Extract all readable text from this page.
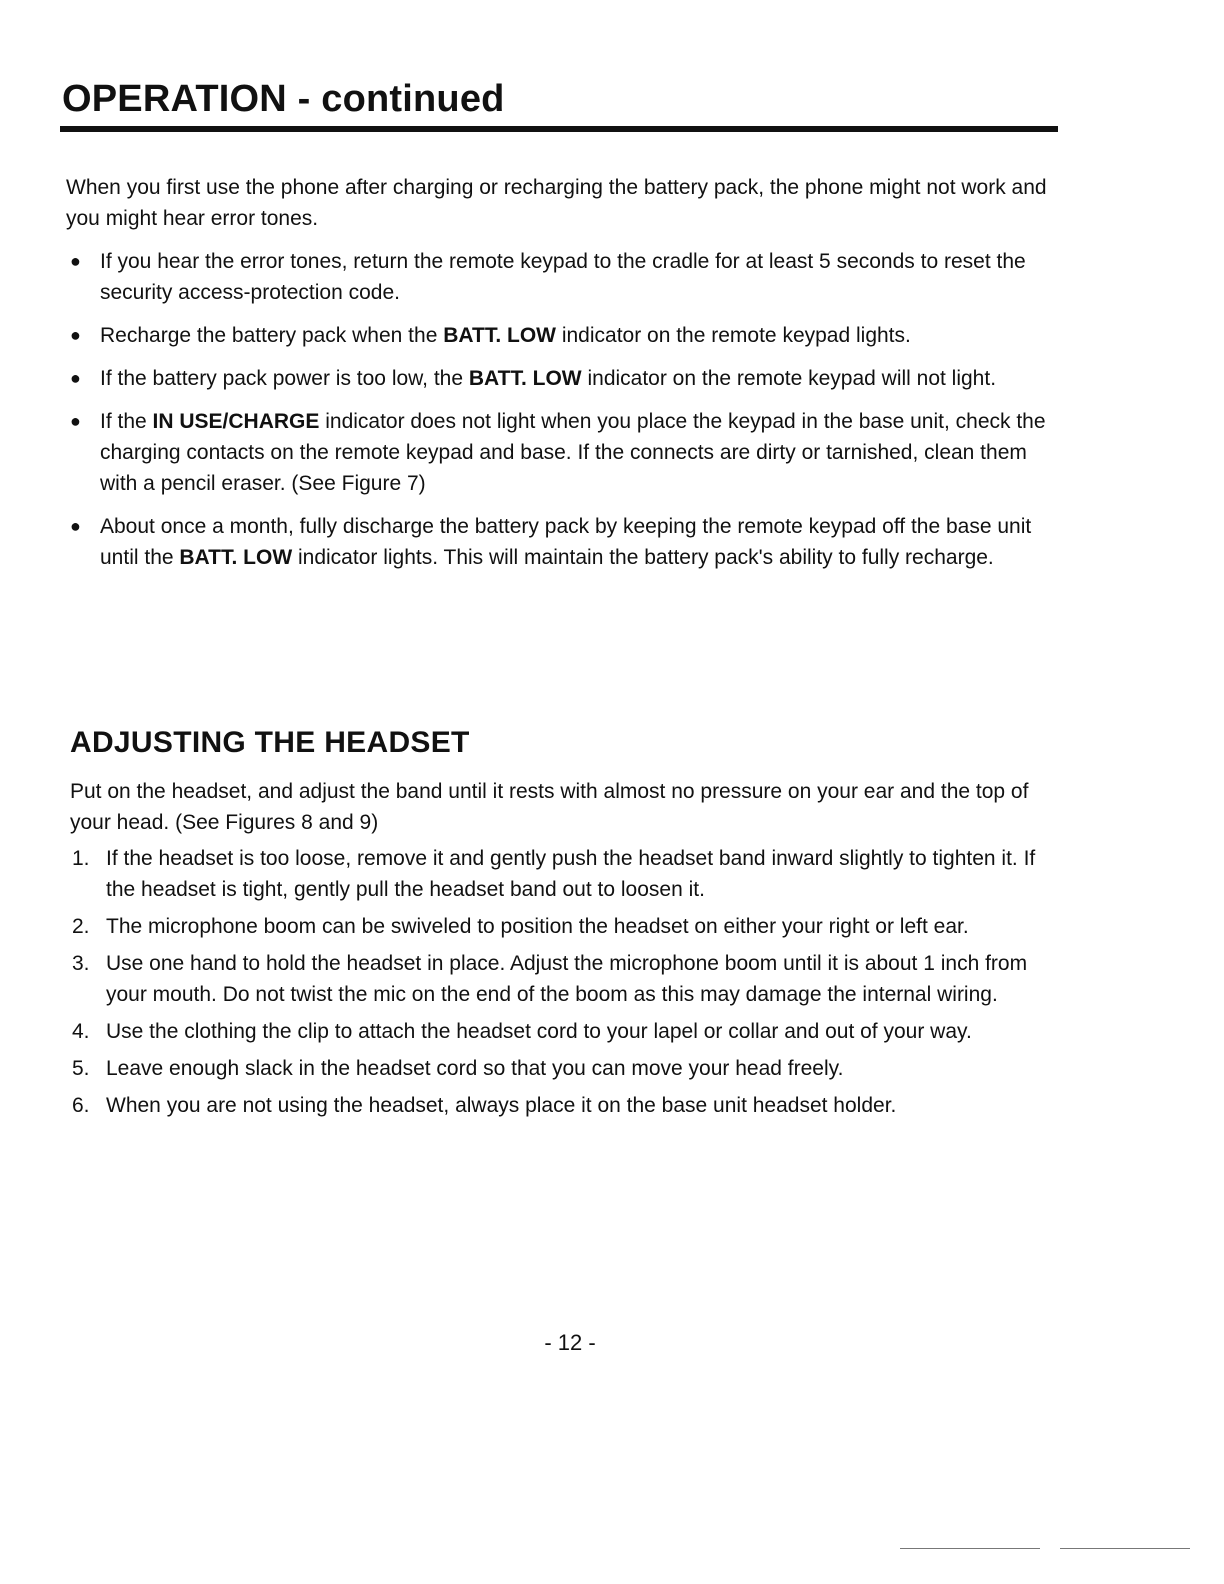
OPERATION - continued

When you first use the phone after charging or recharging the battery pack, the phone might not work and you might hear error tones.

● If you hear the error tones, return the remote keypad to the cradle for at least 5 seconds to reset the security access-protection code.
● Recharge the battery pack when the BATT. LOW indicator on the remote keypad lights.
● If the battery pack power is too low, the BATT. LOW indicator on the remote keypad will not light.
● If the IN USE/CHARGE indicator does not light when you place the keypad in the base unit, check the charging contacts on the remote keypad and base. If the connects are dirty or tarnished, clean them with a pencil eraser. (See Figure 7)
● About once a month, fully discharge the battery pack by keeping the remote keypad off the base unit until the BATT. LOW indicator lights. This will maintain the battery pack's ability to fully recharge.
ADJUSTING THE HEADSET

Put on the headset, and adjust the band until it rests with almost no pressure on your ear and the top of your head. (See Figures 8 and 9)

1. If the headset is too loose, remove it and gently push the headset band inward slightly to tighten it. If the headset is tight, gently pull the headset band out to loosen it.
2. The microphone boom can be swiveled to position the headset on either your right or left ear.
3. Use one hand to hold the headset in place. Adjust the microphone boom until it is about 1 inch from your mouth. Do not twist the mic on the end of the boom as this may damage the internal wiring.
4. Use the clothing the clip to attach the headset cord to your lapel or collar and out of your way.
5. Leave enough slack in the headset cord so that you can move your head freely.
6. When you are not using the headset, always place it on the base unit headset holder.

- 12 -
